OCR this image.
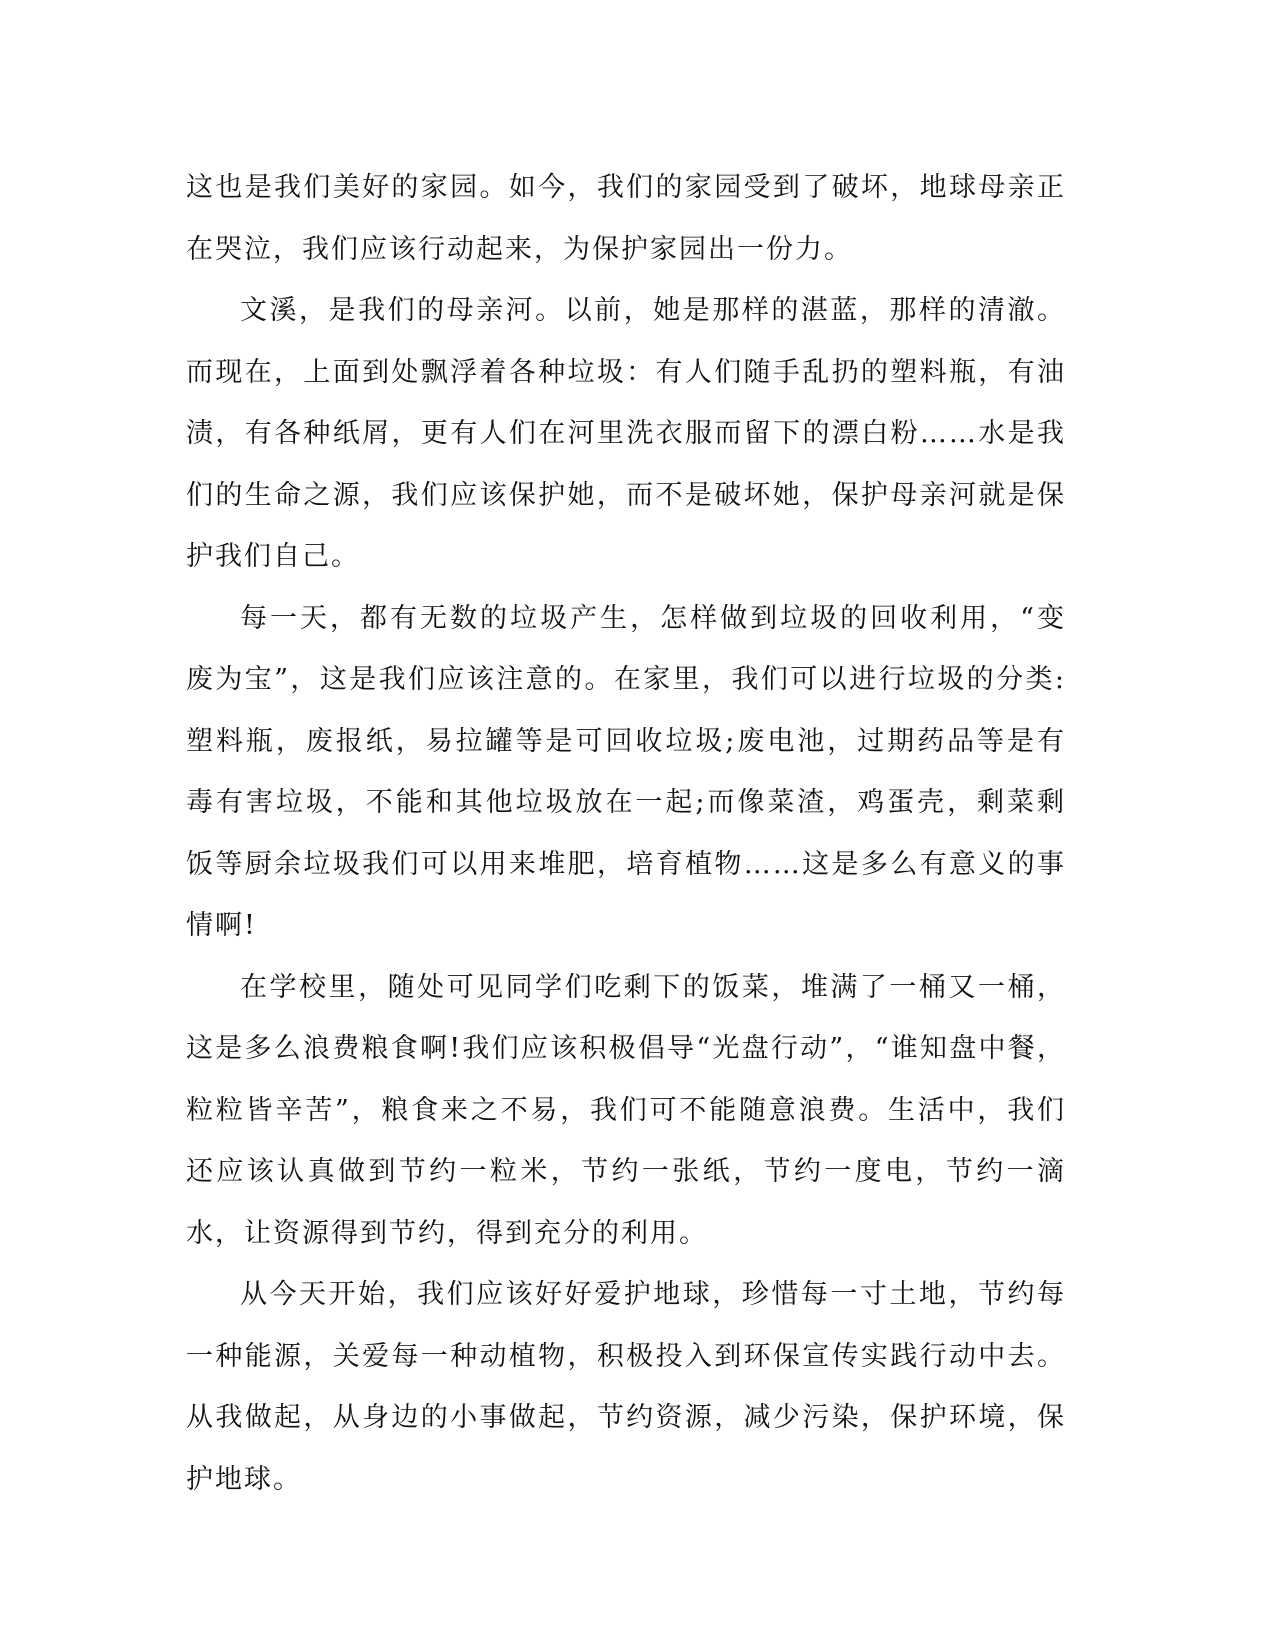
这也是我们美好的家园。如今，我们的家园受到了破坏，地球母亲正在哭泣，我们应该行动起来，为保护家园出一份力。

文溪，是我们的母亲河。以前，她是那样的湛蓝，那样的清澈。而现在，上面到处飘浮着各种垃圾：有人们随手乱扔的塑料瓶，有油渍，有各种纸屑，更有人们在河里洗衣服而留下的漂白粉……水是我们的生命之源，我们应该保护她，而不是破坏她，保护母亲河就是保护我们自己。

每一天，都有无数的垃圾产生，怎样做到垃圾的回收利用，“变废为宝”，这是我们应该注意的。在家里，我们可以进行垃圾的分类:塑料瓶，废报纸，易拉罐等是可回收垃圾;废电池，过期药品等是有毒有害垃圾，不能和其他垃圾放在一起;而像菜渣，鸡蛋壳，剩菜剩饭等厨余垃圾我们可以用来堆肥，培育植物……这是多么有意义的事情啊!

在学校里，随处可见同学们吃剩下的饭菜，堆满了一桶又一桶，这是多么浪费粮食啊!我们应该积极倡导“光盘行动”，“谁知盘中餐，粒粒皆辛苦”，粮食来之不易，我们可不能随意浪费。生活中，我们还应该认真做到节约一粒米，节约一张纸，节约一度电，节约一滴水，让资源得到节约，得到充分的利用。

从今天开始，我们应该好好爱护地球，珍惜每一寸土地，节约每一种能源，关爱每一种动植物，积极投入到环保宣传实践行动中去。从我做起，从身边的小事做起，节约资源，减少污染，保护环境，保护地球。
